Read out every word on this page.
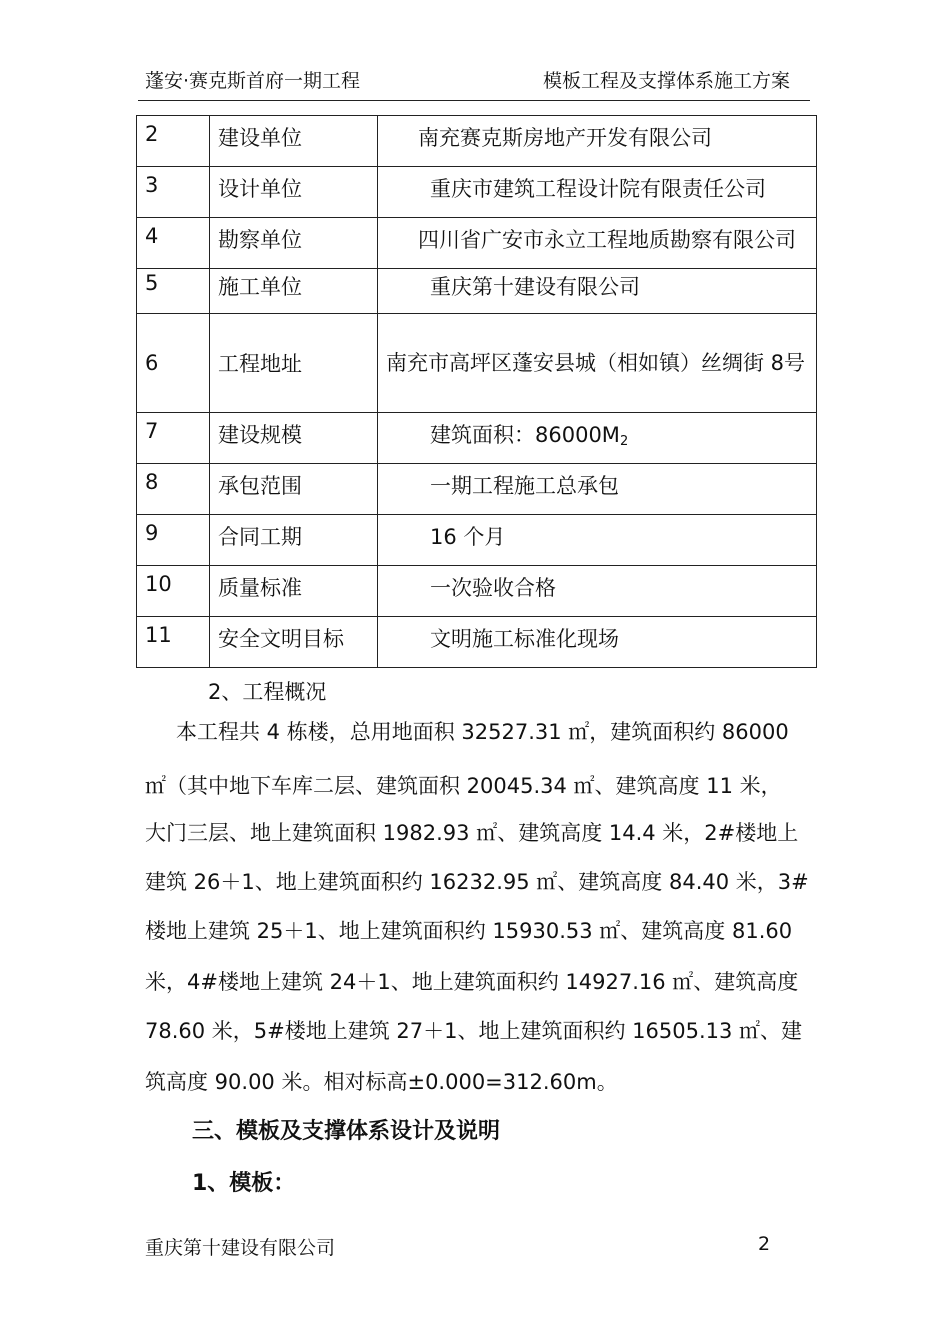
蓬安·赛克斯首府一期工程	模板工程及支撑体系施工方案
2	建设单位	南充赛克斯房地产开发有限公司
3	设计单位	重庆市建筑工程设计院有限责任公司
4	勘察单位	四川省广安市永立工程地质勘察有限公司
5	施工单位	重庆第十建设有限公司
6	工程地址	南充市高坪区蓬安县城（相如镇）丝绸街 8号
7	建设规模	建筑面积：$86000M_2$
8	承包范围	一期工程施工总承包
9	合同工期	16 个月
10	质量标准	一次验收合格
11	安全文明目标	文明施工标准化现场
2、工程概况
本工程共 4 栋楼，总用地面积 32527.31 ㎡，建筑面积约 86000
㎡（其中地下车库二层、建筑面积 20045.34 ㎡、建筑高度 11 米，
大门三层、地上建筑面积 1982.93 ㎡、建筑高度 14.4 米，2#楼地上
建筑 26＋1、地上建筑面积约 16232.95 ㎡、建筑高度 84.40 米，3#
楼地上建筑 25＋1、地上建筑面积约 15930.53 ㎡、建筑高度 81.60
米，4#楼地上建筑 24＋1、地上建筑面积约 14927.16 ㎡、建筑高度
78.60 米，5#楼地上建筑 27＋1、地上建筑面积约 16505.13 ㎡、建
筑高度 90.00 米。相对标高±0.000=312.60m。
三、模板及支撑体系设计及说明
1、模板：
重庆第十建设有限公司	2
